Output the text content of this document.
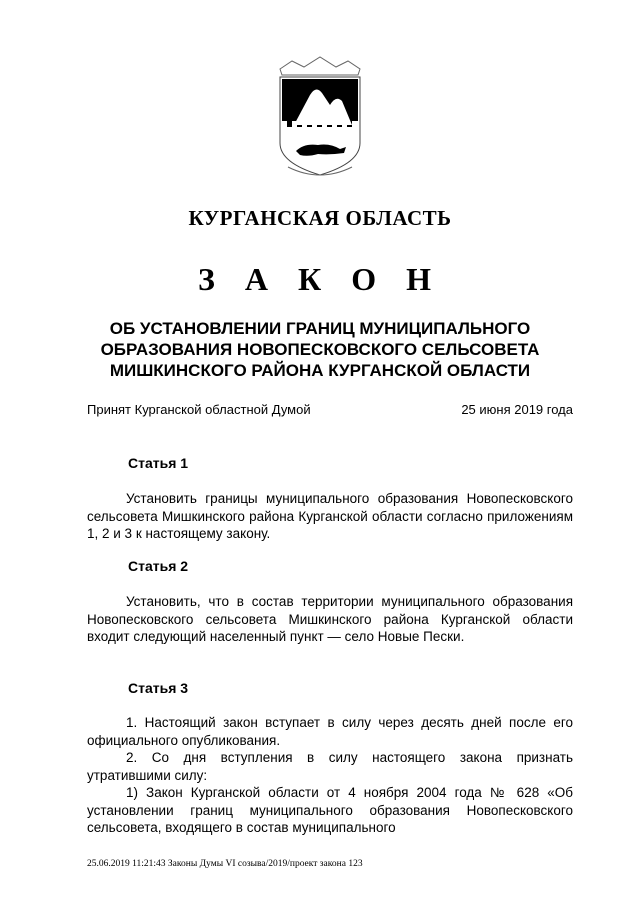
КУРГАНСКАЯ ОБЛАСТЬ
З А К О Н
ОБ УСТАНОВЛЕНИИ ГРАНИЦ МУНИЦИПАЛЬНОГО
ОБРАЗОВАНИЯ НОВОПЕСКОВСКОГО СЕЛЬСОВЕТА
МИШКИНСКОГО РАЙОНА КУРГАНСКОЙ ОБЛАСТИ
Принят Курганской областной Думой	25 июня 2019 года
Статья 1
Установить границы муниципального образования Новопесковского сельсовета Мишкинского района Курганской области согласно приложениям 1, 2 и 3 к настоящему закону.
Статья 2
Установить, что в состав территории муниципального образования Новопесковского сельсовета Мишкинского района Курганской области входит следующий населенный пункт — село Новые Пески.
Статья 3
1. Настоящий закон вступает в силу через десять дней после его официального опубликования.
2. Со дня вступления в силу настоящего закона признать утратившими силу:
1) Закон Курганской области от 4 ноября 2004 года № 628 «Об установлении границ муниципального образования Новопесковского сельсовета, входящего в состав муниципального
25.06.2019 11:21:43 Законы Думы VI созыва/2019/проект закона 123
